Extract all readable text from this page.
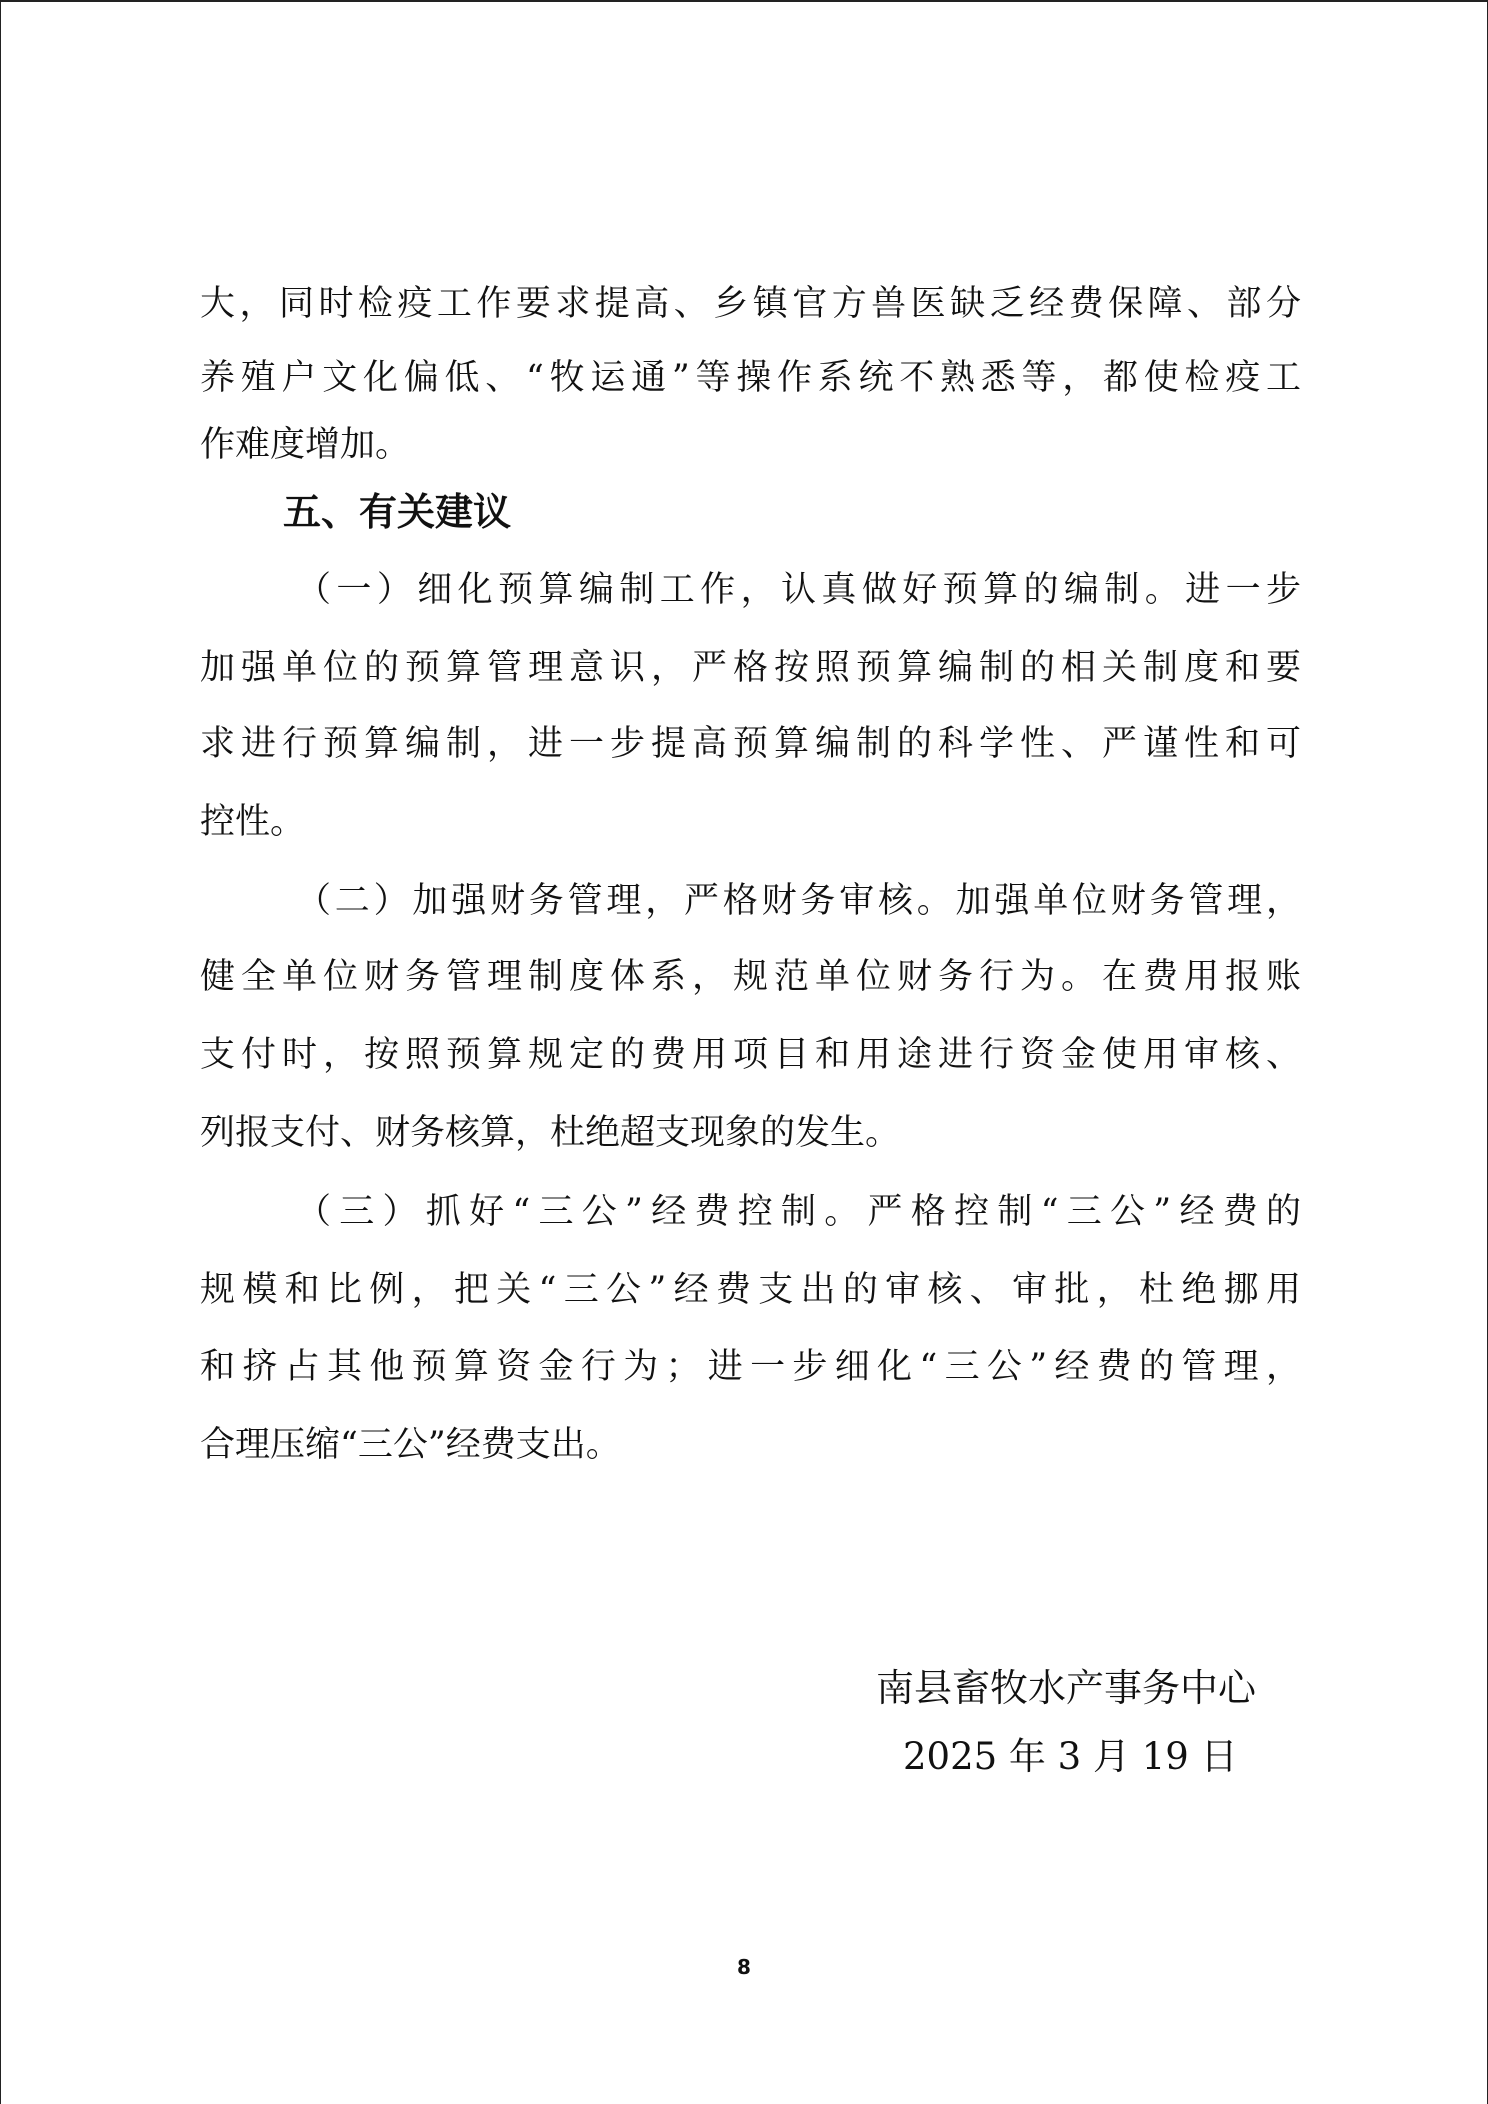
大，同时检疫工作要求提高、乡镇官方兽医缺乏经费保障、部分
养殖户文化偏低、“牧运通”等操作系统不熟悉等，都使检疫工
作难度增加。
五、有关建议
（一）细化预算编制工作，认真做好预算的编制。进一步
加强单位的预算管理意识，严格按照预算编制的相关制度和要
求进行预算编制，进一步提高预算编制的科学性、严谨性和可
控性。
（二）加强财务管理，严格财务审核。加强单位财务管理，
健全单位财务管理制度体系，规范单位财务行为。在费用报账
支付时，按照预算规定的费用项目和用途进行资金使用审核、
列报支付、财务核算，杜绝超支现象的发生。
（三）抓好“三公”经费控制。严格控制“三公”经费的
规模和比例，把关“三公”经费支出的审核、审批，杜绝挪用
和挤占其他预算资金行为；进一步细化“三公”经费的管理，
合理压缩“三公”经费支出。
南县畜牧水产事务中心
2025 年 3 月 19 日
8
